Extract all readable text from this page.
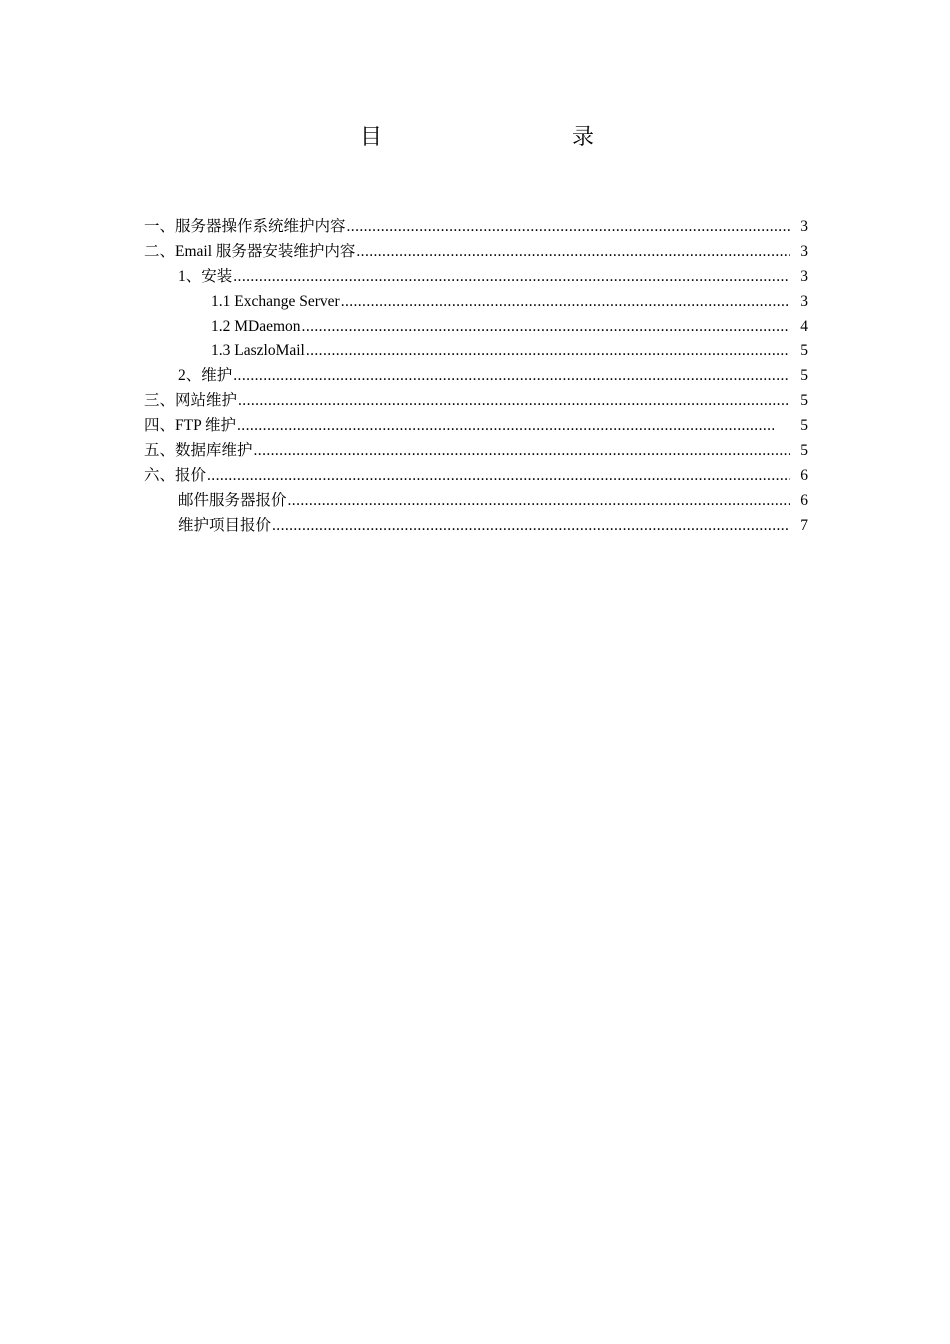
目	录
一、服务器操作系统维护内容 .....	3
二、Email 服务器安装维护内容 .....	3
1、安装 .....	3
1.1 Exchange Server .....	3
1.2 MDaemon .....	4
1.3 LaszloMail .....	5
2、维护 .....	5
三、网站维护 .....	5
四、FTP 维护 .....	5
五、数据库维护 .....	5
六、报价 .....	6
邮件服务器报价 .....	6
维护项目报价 .....	7
